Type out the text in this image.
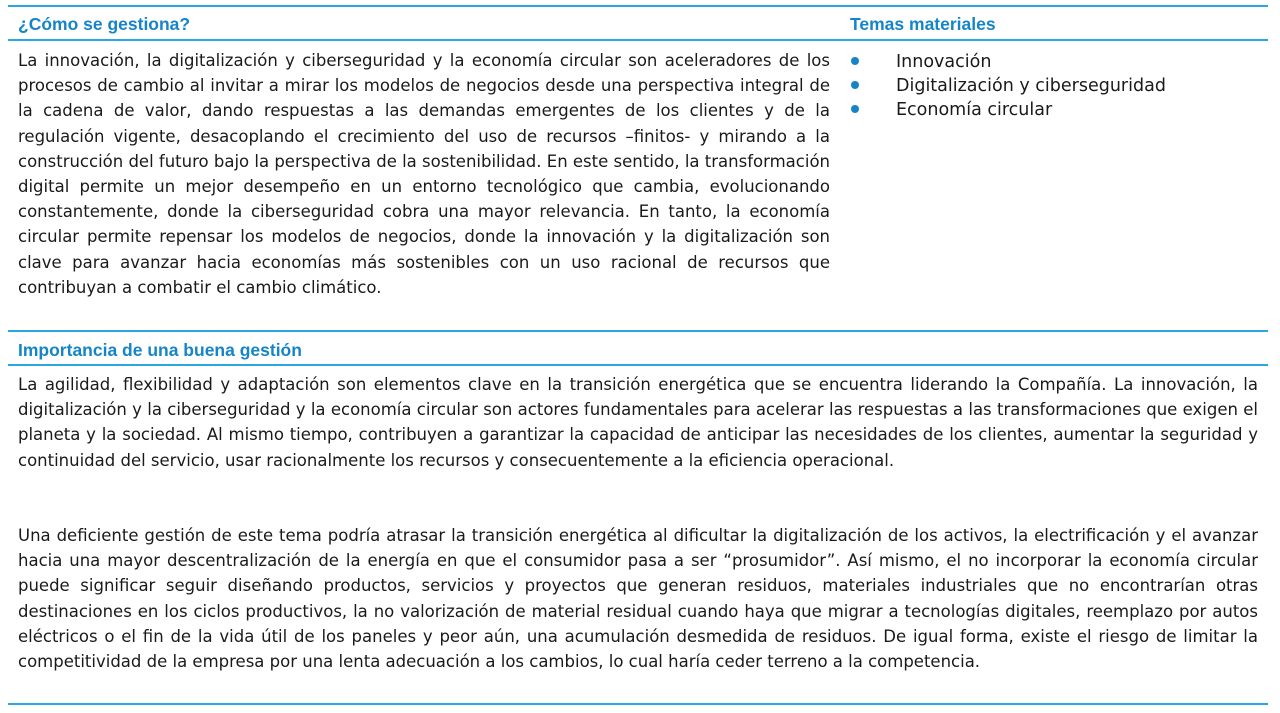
¿Cómo se gestiona?	Temas materiales

La innovación, la digitalización y ciberseguridad y la economía circular son aceleradores de los procesos de cambio al invitar a mirar los modelos de negocios desde una perspectiva integral de la cadena de valor, dando respuestas a las demandas emergentes de los clientes y de la regulación vigente, desacoplando el crecimiento del uso de recursos –finitos- y mirando a la construcción del futuro bajo la perspectiva de la sostenibilidad. En este sentido, la transformación digital permite un mejor desempeño en un entorno tecnológico que cambia, evolucionando constantemente, donde la ciberseguridad cobra una mayor relevancia. En tanto, la economía circular permite repensar los modelos de negocios, donde la innovación y la digitalización son clave para avanzar hacia economías más sostenibles con un uso racional de recursos que contribuyan a combatir el cambio climático.

Innovación
Digitalización y ciberseguridad
Economía circular
Importancia de una buena gestión

La agilidad, flexibilidad y adaptación son elementos clave en la transición energética que se encuentra liderando la Compañía. La innovación, la digitalización y la ciberseguridad y la economía circular son actores fundamentales para acelerar las respuestas a las transformaciones que exigen el planeta y la sociedad. Al mismo tiempo, contribuyen a garantizar la capacidad de anticipar las necesidades de los clientes, aumentar la seguridad y continuidad del servicio, usar racionalmente los recursos y consecuentemente a la eficiencia operacional.

Una deficiente gestión de este tema podría atrasar la transición energética al dificultar la digitalización de los activos, la electrificación y el avanzar hacia una mayor descentralización de la energía en que el consumidor pasa a ser “prosumidor”. Así mismo, el no incorporar la economía circular puede significar seguir diseñando productos, servicios y proyectos que generan residuos, materiales industriales que no encontrarían otras destinaciones en los ciclos productivos, la no valorización de material residual cuando haya que migrar a tecnologías digitales, reemplazo por autos eléctricos o el fin de la vida útil de los paneles y peor aún, una acumulación desmedida de residuos. De igual forma, existe el riesgo de limitar la competitividad de la empresa por una lenta adecuación a los cambios, lo cual haría ceder terreno a la competencia.
